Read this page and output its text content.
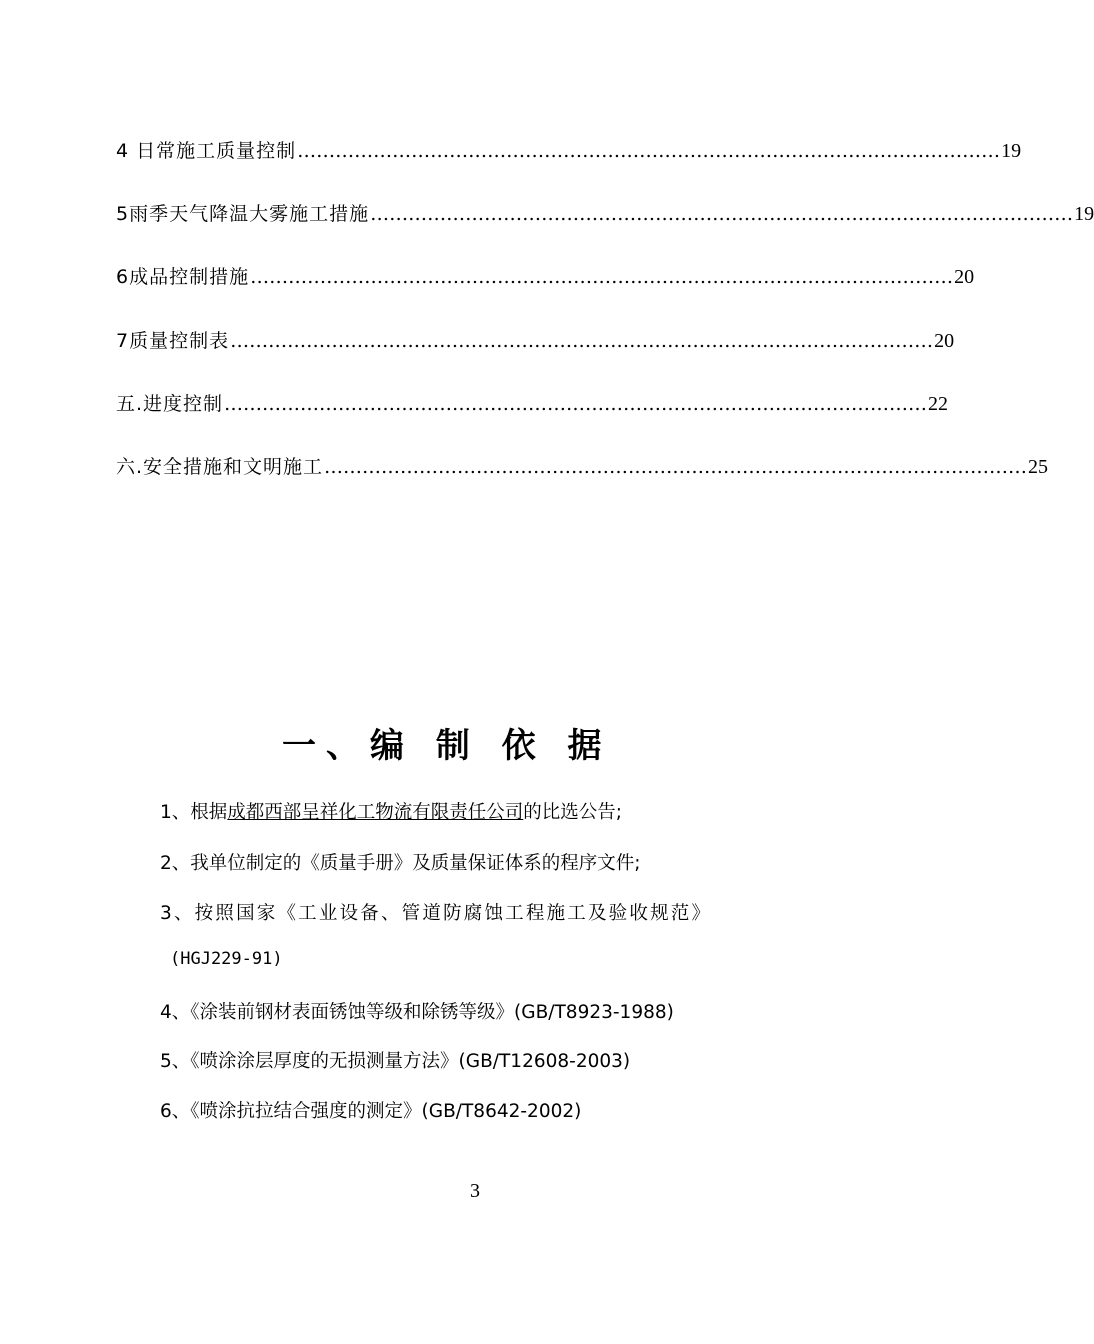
4 日常施工质量控制 ………………………………………………………………………………………………… 19
5雨季天气降温大雾施工措施 ………………………………………………………………………………………………… 19
6成品控制措施 ………………………………………………………………………………………………… 20
7质量控制表 ………………………………………………………………………………………………… 20
五.进度控制 ………………………………………………………………………………………………… 22
六.安全措施和文明施工 ………………………………………………………………………………………………… 25
一、编 制 依 据
1、根据成都西部呈祥化工物流有限责任公司的比选公告;
2、我单位制定的《质量手册》及质量保证体系的程序文件;
3、按照国家《工业设备、管道防腐蚀工程施工及验收规范》
(HGJ229-91)
4、《涂装前钢材表面锈蚀等级和除锈等级》(GB/T8923-1988)
5、《喷涂涂层厚度的无损测量方法》(GB/T12608-2003)
6、《喷涂抗拉结合强度的测定》(GB/T8642-2002)
3
